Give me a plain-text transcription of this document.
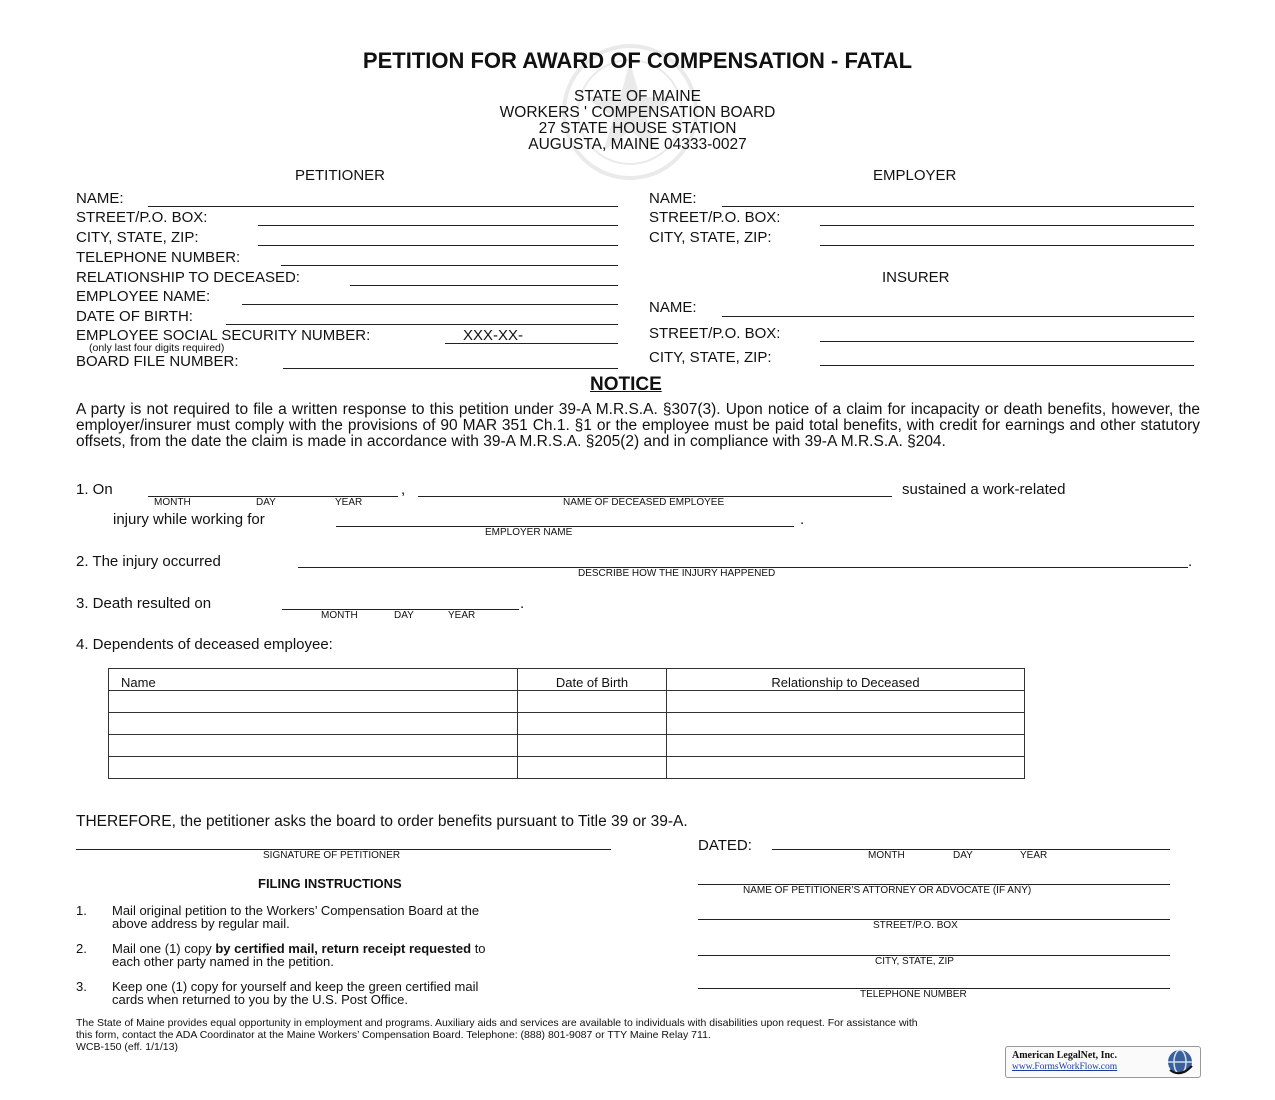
PETITION FOR AWARD OF COMPENSATION - FATAL
STATE OF MAINE
WORKERS ' COMPENSATION BOARD
27 STATE HOUSE STATION
AUGUSTA, MAINE 04333-0027
PETITIONER
NAME:
STREET/P.O. BOX:
CITY, STATE, ZIP:
TELEPHONE NUMBER:
RELATIONSHIP TO DECEASED:
EMPLOYEE NAME:
DATE OF BIRTH:
EMPLOYEE SOCIAL SECURITY NUMBER:	XXX-XX-
(only last four digits required)
BOARD FILE NUMBER:
EMPLOYER
NAME:
STREET/P.O. BOX:
CITY, STATE, ZIP:
INSURER
NAME:
STREET/P.O. BOX:
CITY, STATE, ZIP:
NOTICE
A party is not required to file a written response to this petition under 39-A M.R.S.A. §307(3). Upon notice of a claim for incapacity or death benefits, however, the employer/insurer must comply with the provisions of 90 MAR 351 Ch.1. §1 or the employee must be paid total benefits, with credit for earnings and other statutory offsets, from the date the claim is made in accordance with 39-A M.R.S.A. §205(2) and in compliance with 39-A M.R.S.A. §204.
1. On
MONTH	DAY	YEAR
,
NAME OF DECEASED EMPLOYEE
sustained a work-related
injury while working for
EMPLOYER NAME
.
2. The injury occurred	.
DESCRIBE HOW THE INJURY HAPPENED
3. Death resulted on	.
MONTH	DAY	YEAR
4. Dependents of deceased employee:
Name	Date of Birth	Relationship to Deceased

THEREFORE, the petitioner asks the board to order benefits pursuant to Title 39 or 39-A.
SIGNATURE OF PETITIONER
DATED:
MONTH	DAY	YEAR
FILING INSTRUCTIONS
1. Mail original petition to the Workers’ Compensation Board at the
above address by regular mail.
2. Mail one (1) copy by certified mail, return receipt requested to
each other party named in the petition.
3. Keep one (1) copy for yourself and keep the green certified mail
cards when returned to you by the U.S. Post Office.
NAME OF PETITIONER’S ATTORNEY OR ADVOCATE (IF ANY)
STREET/P.O. BOX
CITY, STATE, ZIP
TELEPHONE NUMBER
The State of Maine provides equal opportunity in employment and programs. Auxiliary aids and services are available to individuals with disabilities upon request. For assistance with
this form, contact the ADA Coordinator at the Maine Workers’ Compensation Board. Telephone: (888) 801-9087 or TTY Maine Relay 711.
WCB-150 (eff. 1/1/13)
American LegalNet, Inc.
www.FormsWorkFlow.com
